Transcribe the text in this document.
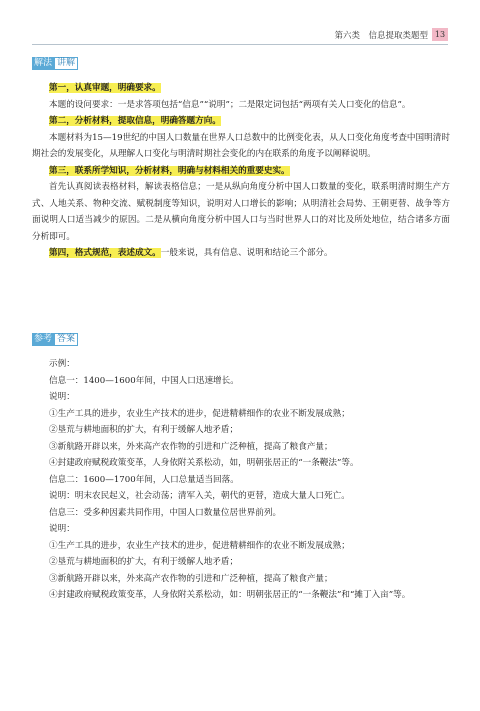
第六类　信息提取类题型 13
解法 讲解

第一，认真审题，明确要求。

本题的设问要求：一是求答项包括“信息”“说明”；二是限定词包括“两项有关人口变化的信息”。

第二，分析材料，提取信息，明确答题方向。

本题材料为15—19世纪的中国人口数量在世界人口总数中的比例变化表，从人口变化角度考查中国明清时期社会的发展变化，从理解人口变化与明清时期社会变化的内在联系的角度予以阐释说明。

第三，联系所学知识，分析材料，明确与材料相关的重要史实。

首先认真阅读表格材料，解读表格信息；一是从纵向角度分析中国人口数量的变化，联系明清时期生产方式、人地关系、物种交流、赋税制度等知识，说明对人口增长的影响；从明清社会局势、王朝更替、战争等方面说明人口适当减少的原因。二是从横向角度分析中国人口与当时世界人口的对比及所处地位，结合诸多方面分析即可。

第四，格式规范，表述成文。一般来说，具有信息、说明和结论三个部分。

参考 答案

示例：

信息一：1400—1600年间，中国人口迅速增长。

说明：

①生产工具的进步，农业生产技术的进步，促进精耕细作的农业不断发展成熟；

②垦荒与耕地面积的扩大，有利于缓解人地矛盾；

③新航路开辟以来，外来高产农作物的引进和广泛种植，提高了粮食产量；

④封建政府赋税政策变革，人身依附关系松动，如，明朝张居正的“一条鞭法”等。

信息二：1600—1700年间，人口总量适当回落。

说明：明末农民起义，社会动荡；清军入关，朝代的更替，造成大量人口死亡。

信息三：受多种因素共同作用，中国人口数量位居世界前列。

说明：

①生产工具的进步，农业生产技术的进步，促进精耕细作的农业不断发展成熟；

②垦荒与耕地面积的扩大，有利于缓解人地矛盾；

③新航路开辟以来，外来高产农作物的引进和广泛种植，提高了粮食产量；

④封建政府赋税政策变革，人身依附关系松动，如：明朝张居正的“一条鞭法”和“摊丁入亩”等。
